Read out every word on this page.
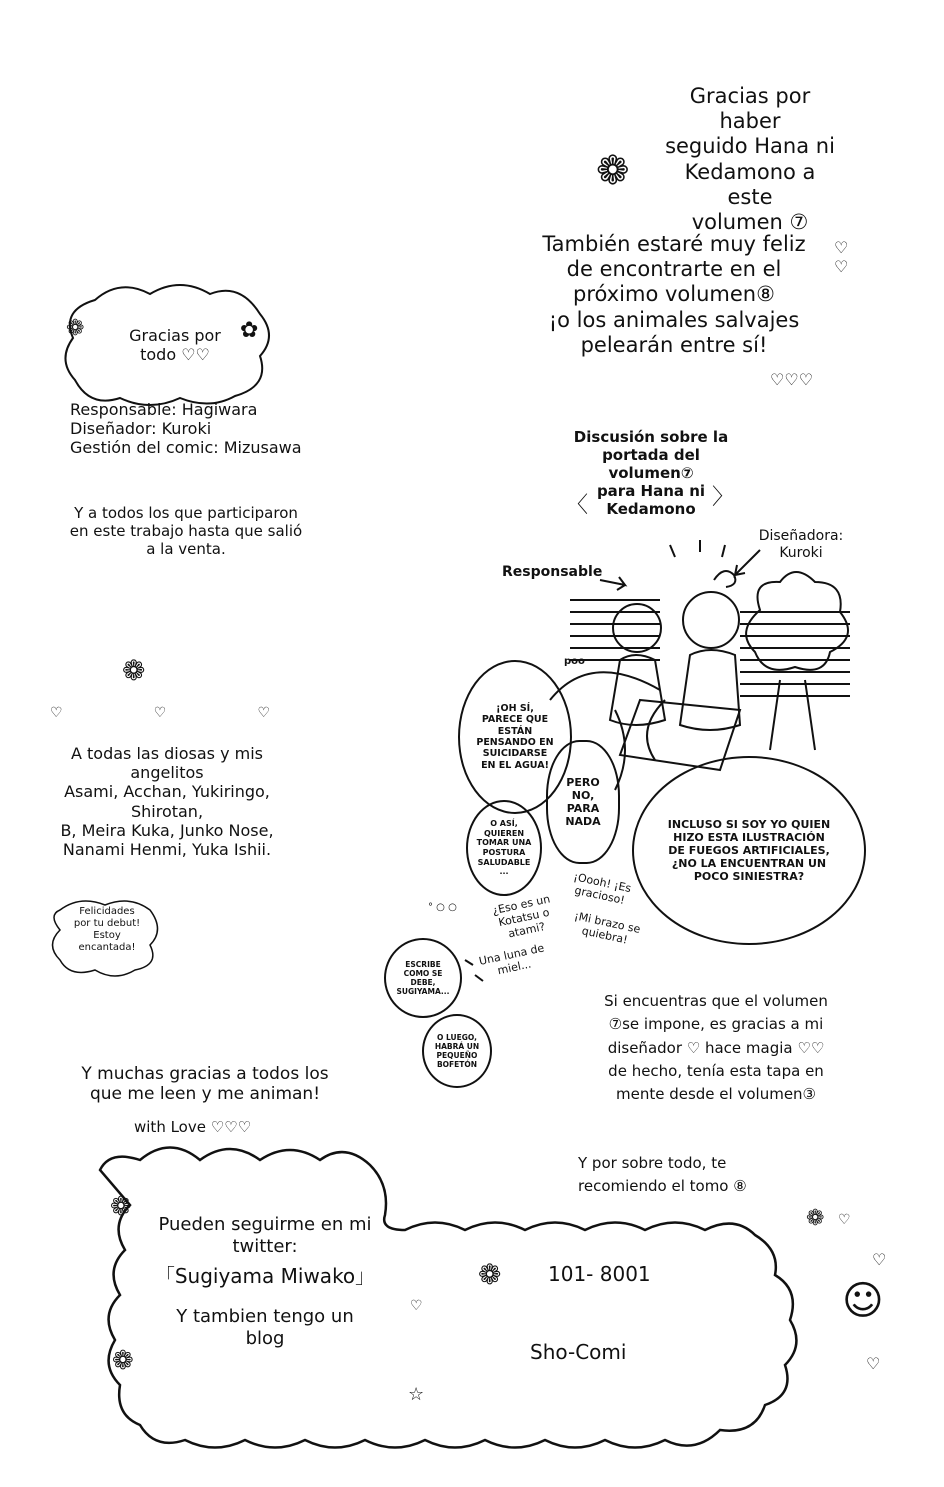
Gracias por haber
seguido Hana ni
Kedamono a este
volumen ⑦
❁
También estaré muy feliz
de encontrarte en el
próximo volumen⑧
¡o los animales salvajes
pelearán entre sí!
♡
♡
♡♡♡
❁	✿
Gracias por
todo ♡♡
Responsable: Hagiwara
Diseñador: Kuroki
Gestión del comic: Mizusawa
Y a todos los que participaron
en este trabajo hasta que salió
a la venta.
❁
♡	♡	♡
A todas las diosas y mis angelitos
Asami, Acchan, Yukiringo, Shirotan,
B, Meira Kuka, Junko Nose,
Nanami Henmi, Yuka Ishii.
Felicidades
por tu debut!
Estoy
encantada!
Y muchas gracias a todos los
que me leen y me animan!
with Love ♡♡♡
Discusión sobre la
portada del volumen⑦
para Hana ni
Kedamono
〈	〉
Diseñadora:
Kuroki
Responsable
poo
¡OH SÍ,
PARECE QUE
ESTÁN
PENSANDO EN
SUICIDARSE
EN EL AGUA!
PERO
NO,
PARA
NADA	INCLUSO SI SOY YO QUIEN
HIZO ESTA ILUSTRACIÓN
DE FUEGOS ARTIFICIALES,
¿NO LA ENCUENTRAN UN
POCO SINIESTRA?
O ASÍ,
QUIEREN
TOMAR UNA
POSTURA
SALUDABLE
...
¿Eso es un
Kotatsu o
atami?
Una luna de
miel...
¡Oooh! ¡Es
gracioso!
¡Mi brazo se
quiebra!
° ○ ○
ESCRIBE
COMO SE
DEBE,
SUGIYAMA...
O LUEGO,
HABRÁ UN
PEQUEÑO
BOFETÓN
Si encuentras que el volumen
⑦se impone, es gracias a mi
diseñador ♡ hace magia ♡♡
de hecho, tenía esta tapa en
mente desde el volumen③
Y por sobre todo, te
recomiendo el tomo ⑧
❁
Pueden seguirme en mi
twitter:
「Sugiyama Miwako」
♡
Y tambien tengo un
blog
❁
☆
❁ 101- 8001
Sho-Comi
❁ ♡
♡
☺
♡
